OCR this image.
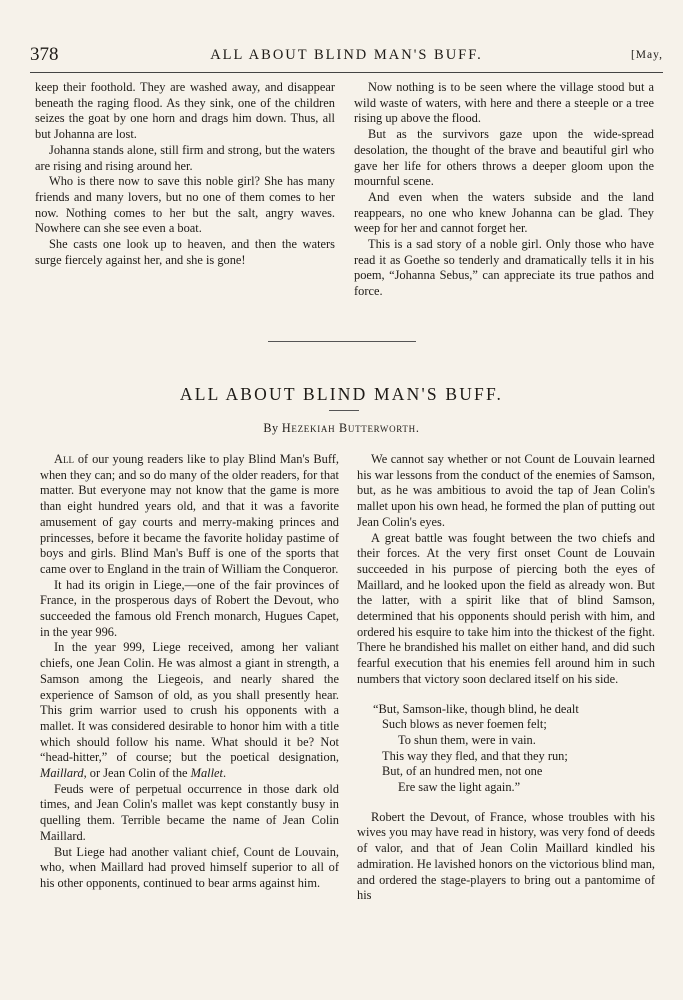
378	ALL ABOUT BLIND MAN'S BUFF.	[May,

keep their foothold. They are washed away, and disappear beneath the raging flood. As they sink, one of the children seizes the goat by one horn and drags him down. Thus, all but Johanna are lost.

Johanna stands alone, still firm and strong, but the waters are rising and rising around her.

Who is there now to save this noble girl? She has many friends and many lovers, but no one of them comes to her now. Nothing comes to her but the salt, angry waves. Nowhere can she see even a boat.

She casts one look up to heaven, and then the waters surge fiercely against her, and she is gone!

Now nothing is to be seen where the village stood but a wild waste of waters, with here and there a steeple or a tree rising up above the flood.

But as the survivors gaze upon the wide-spread desolation, the thought of the brave and beautiful girl who gave her life for others throws a deeper gloom upon the mournful scene.

And even when the waters subside and the land reappears, no one who knew Johanna can be glad. They weep for her and cannot forget her.

This is a sad story of a noble girl. Only those who have read it as Goethe so tenderly and dramatically tells it in his poem, “Johanna Sebus,” can appreciate its true pathos and force.

ALL ABOUT BLIND MAN'S BUFF.
By Hezekiah Butterworth.

All of our young readers like to play Blind Man's Buff, when they can; and so do many of the older readers, for that matter. But everyone may not know that the game is more than eight hundred years old, and that it was a favorite amusement of gay courts and merry-making princes and princesses, before it became the favorite holiday pastime of boys and girls. Blind Man's Buff is one of the sports that came over to England in the train of William the Conqueror.

It had its origin in Liege,—one of the fair provinces of France, in the prosperous days of Robert the Devout, who succeeded the famous old French monarch, Hugues Capet, in the year 996.

In the year 999, Liege received, among her valiant chiefs, one Jean Colin. He was almost a giant in strength, a Samson among the Liegeois, and nearly shared the experience of Samson of old, as you shall presently hear. This grim warrior used to crush his opponents with a mallet. It was considered desirable to honor him with a title which should follow his name. What should it be? Not “head-hitter,” of course; but the poetical designation, Maillard, or Jean Colin of the Mallet.

Feuds were of perpetual occurrence in those dark old times, and Jean Colin's mallet was kept constantly busy in quelling them. Terrible became the name of Jean Colin Maillard.

But Liege had another valiant chief, Count de Louvain, who, when Maillard had proved himself superior to all of his other opponents, continued to bear arms against him.

We cannot say whether or not Count de Louvain learned his war lessons from the conduct of the enemies of Samson, but, as he was ambitious to avoid the tap of Jean Colin's mallet upon his own head, he formed the plan of putting out Jean Colin's eyes.

A great battle was fought between the two chiefs and their forces. At the very first onset Count de Louvain succeeded in his purpose of piercing both the eyes of Maillard, and he looked upon the field as already won. But the latter, with a spirit like that of blind Samson, determined that his opponents should perish with him, and ordered his esquire to take him into the thickest of the fight. There he brandished his mallet on either hand, and did such fearful execution that his enemies fell around him in such numbers that victory soon declared itself on his side.

“But, Samson-like, though blind, he dealt
Such blows as never foemen felt;
To shun them, were in vain.
This way they fled, and that they run;
But, of an hundred men, not one
Ere saw the light again.”

Robert the Devout, of France, whose troubles with his wives you may have read in history, was very fond of deeds of valor, and that of Jean Colin Maillard kindled his admiration. He lavished honors on the victorious blind man, and ordered the stage-players to bring out a pantomime of his
